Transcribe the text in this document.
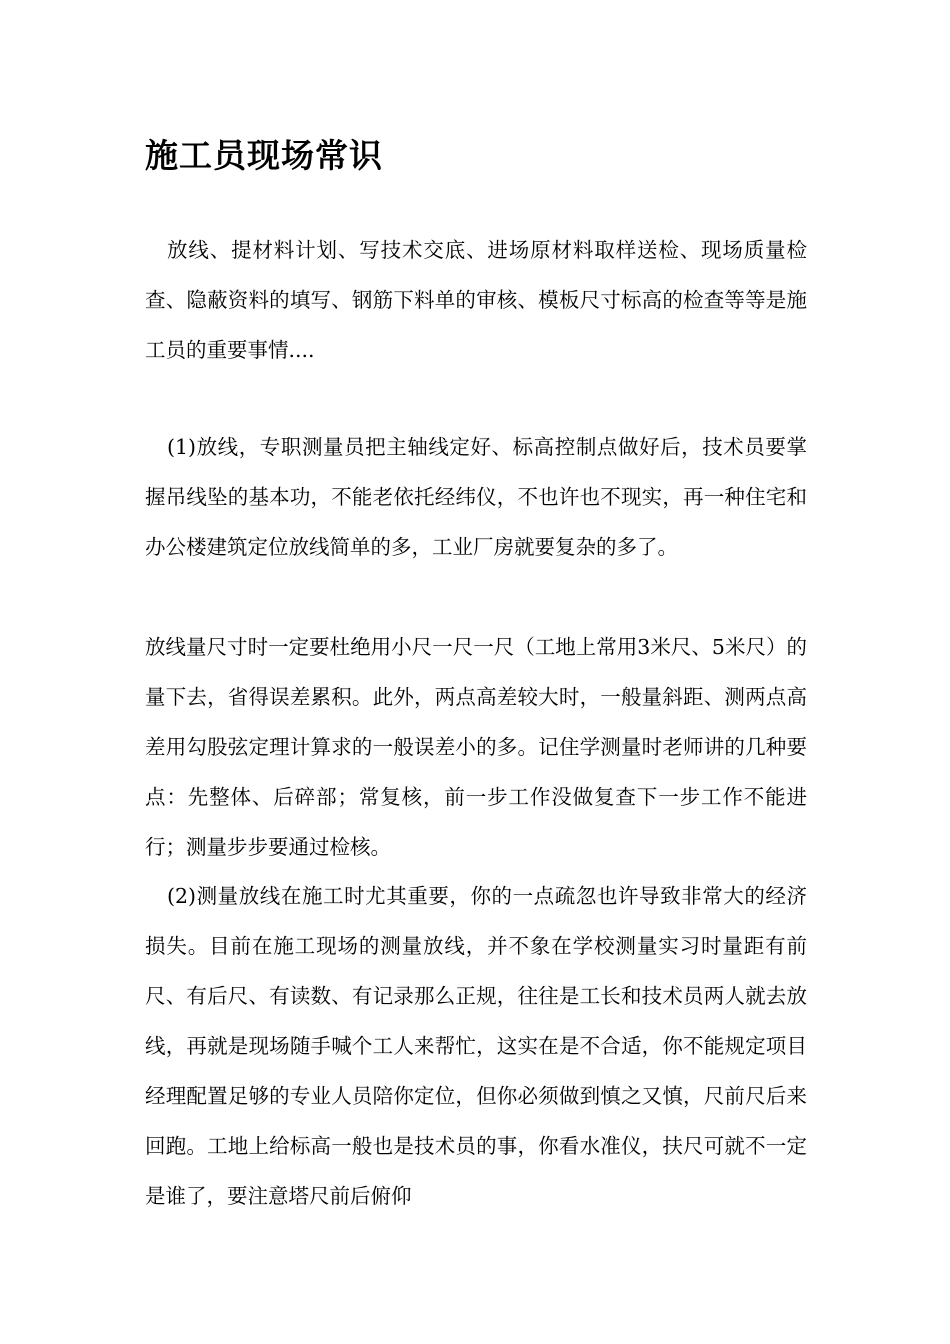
施工员现场常识

放线、提材料计划、写技术交底、进场原材料取样送检、现场质量检查、隐蔽资料的填写、钢筋下料单的审核、模板尺寸标高的检查等等是施工员的重要事情....

(1)放线，专职测量员把主轴线定好、标高控制点做好后，技术员要掌握吊线坠的基本功，不能老依托经纬仪，不也许也不现实，再一种住宅和办公楼建筑定位放线简单的多，工业厂房就要复杂的多了。

放线量尺寸时一定要杜绝用小尺一尺一尺（工地上常用3米尺、5米尺）的量下去，省得误差累积。此外，两点高差较大时，一般量斜距、测两点高差用勾股弦定理计算求的一般误差小的多。记住学测量时老师讲的几种要点：先整体、后碎部；常复核，前一步工作没做复查下一步工作不能进行；测量步步要通过检核。

(2)测量放线在施工时尤其重要，你的一点疏忽也许导致非常大的经济损失。目前在施工现场的测量放线，并不象在学校测量实习时量距有前尺、有后尺、有读数、有记录那么正规，往往是工长和技术员两人就去放线，再就是现场随手喊个工人来帮忙，这实在是不合适，你不能规定项目经理配置足够的专业人员陪你定位，但你必须做到慎之又慎，尺前尺后来回跑。工地上给标高一般也是技术员的事，你看水准仪，扶尺可就不一定是谁了，要注意塔尺前后俯仰
